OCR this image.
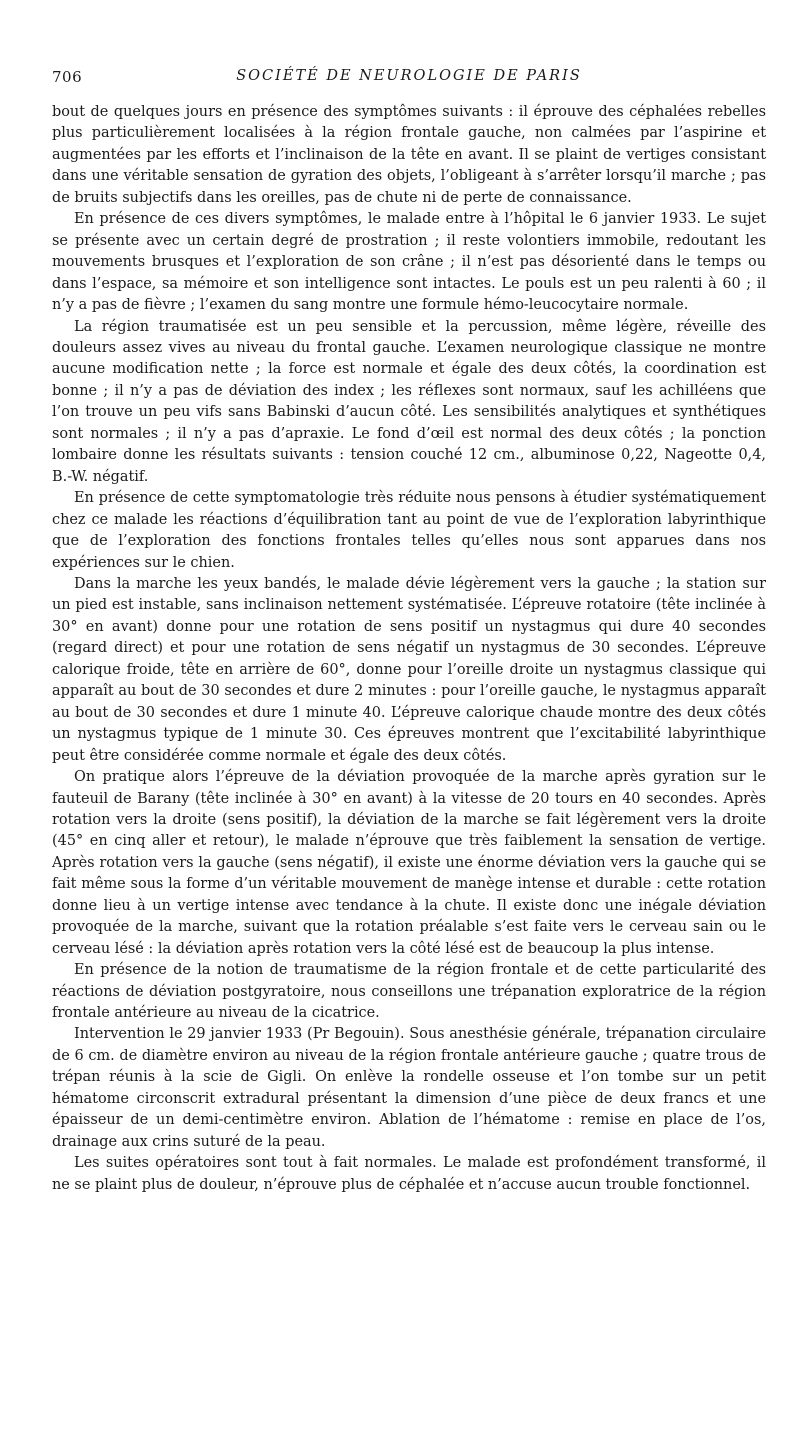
706	SOCIÉTÉ DE NEUROLOGIE DE PARIS

bout de quelques jours en présence des symptômes suivants : il éprouve des céphalées rebelles plus particulièrement localisées à la région frontale gauche, non calmées par l’aspirine et augmentées par les efforts et l’inclinaison de la tête en avant. Il se plaint de vertiges consistant dans une véritable sensation de gyration des objets, l’obligeant à s’arrêter lorsqu’il marche ; pas de bruits subjectifs dans les oreilles, pas de chute ni de perte de connaissance.

En présence de ces divers symptômes, le malade entre à l’hôpital le 6 janvier 1933. Le sujet se présente avec un certain degré de prostration ; il reste volontiers immobile, redoutant les mouvements brusques et l’exploration de son crâne ; il n’est pas désorienté dans le temps ou dans l’espace, sa mémoire et son intelligence sont intactes. Le pouls est un peu ralenti à 60 ; il n’y a pas de fièvre ; l’examen du sang montre une formule hémo-leucocytaire normale.

La région traumatisée est un peu sensible et la percussion, même légère, réveille des douleurs assez vives au niveau du frontal gauche. L’examen neurologique classique ne montre aucune modification nette ; la force est normale et égale des deux côtés, la coordination est bonne ; il n’y a pas de déviation des index ; les réflexes sont normaux, sauf les achilléens que l’on trouve un peu vifs sans Babinski d’aucun côté. Les sensibilités analytiques et synthétiques sont normales ; il n’y a pas d’apraxie. Le fond d’œil est normal des deux côtés ; la ponction lombaire donne les résultats suivants : tension couché 12 cm., albuminose 0,22, Nageotte 0,4, B.-W. négatif.

En présence de cette symptomatologie très réduite nous pensons à étudier systématiquement chez ce malade les réactions d’équilibration tant au point de vue de l’exploration labyrinthique que de l’exploration des fonctions frontales telles qu’elles nous sont apparues dans nos expériences sur le chien.

Dans la marche les yeux bandés, le malade dévie légèrement vers la gauche ; la station sur un pied est instable, sans inclinaison nettement systématisée. L’épreuve rotatoire (tête inclinée à 30° en avant) donne pour une rotation de sens positif un nystagmus qui dure 40 secondes (regard direct) et pour une rotation de sens négatif un nystagmus de 30 secondes. L’épreuve calorique froide, tête en arrière de 60°, donne pour l’oreille droite un nystagmus classique qui apparaît au bout de 30 secondes et dure 2 minutes : pour l’oreille gauche, le nystagmus apparaît au bout de 30 secondes et dure 1 minute 40. L’épreuve calorique chaude montre des deux côtés un nystagmus typique de 1 minute 30. Ces épreuves montrent que l’excitabilité labyrinthique peut être considérée comme normale et égale des deux côtés.

On pratique alors l’épreuve de la déviation provoquée de la marche après gyration sur le fauteuil de Barany (tête inclinée à 30° en avant) à la vitesse de 20 tours en 40 secondes. Après rotation vers la droite (sens positif), la déviation de la marche se fait légèrement vers la droite (45° en cinq aller et retour), le malade n’éprouve que très faiblement la sensation de vertige. Après rotation vers la gauche (sens négatif), il existe une énorme déviation vers la gauche qui se fait même sous la forme d’un véritable mouvement de manège intense et durable : cette rotation donne lieu à un vertige intense avec tendance à la chute. Il existe donc une inégale déviation provoquée de la marche, suivant que la rotation préalable s’est faite vers le cerveau sain ou le cerveau lésé : la déviation après rotation vers la côté lésé est de beaucoup la plus intense.

En présence de la notion de traumatisme de la région frontale et de cette particularité des réactions de déviation postgyratoire, nous conseillons une trépanation exploratrice de la région frontale antérieure au niveau de la cicatrice.

Intervention le 29 janvier 1933 (Pr Begouin). Sous anesthésie générale, trépanation circulaire de 6 cm. de diamètre environ au niveau de la région frontale antérieure gauche ; quatre trous de trépan réunis à la scie de Gigli. On enlève la rondelle osseuse et l’on tombe sur un petit hématome circonscrit extradural présentant la dimension d’une pièce de deux francs et une épaisseur de un demi-centimètre environ. Ablation de l’hématome : remise en place de l’os, drainage aux crins suturé de la peau.

Les suites opératoires sont tout à fait normales. Le malade est profondément transformé, il ne se plaint plus de douleur, n’éprouve plus de céphalée et n’accuse aucun trouble fonctionnel.
